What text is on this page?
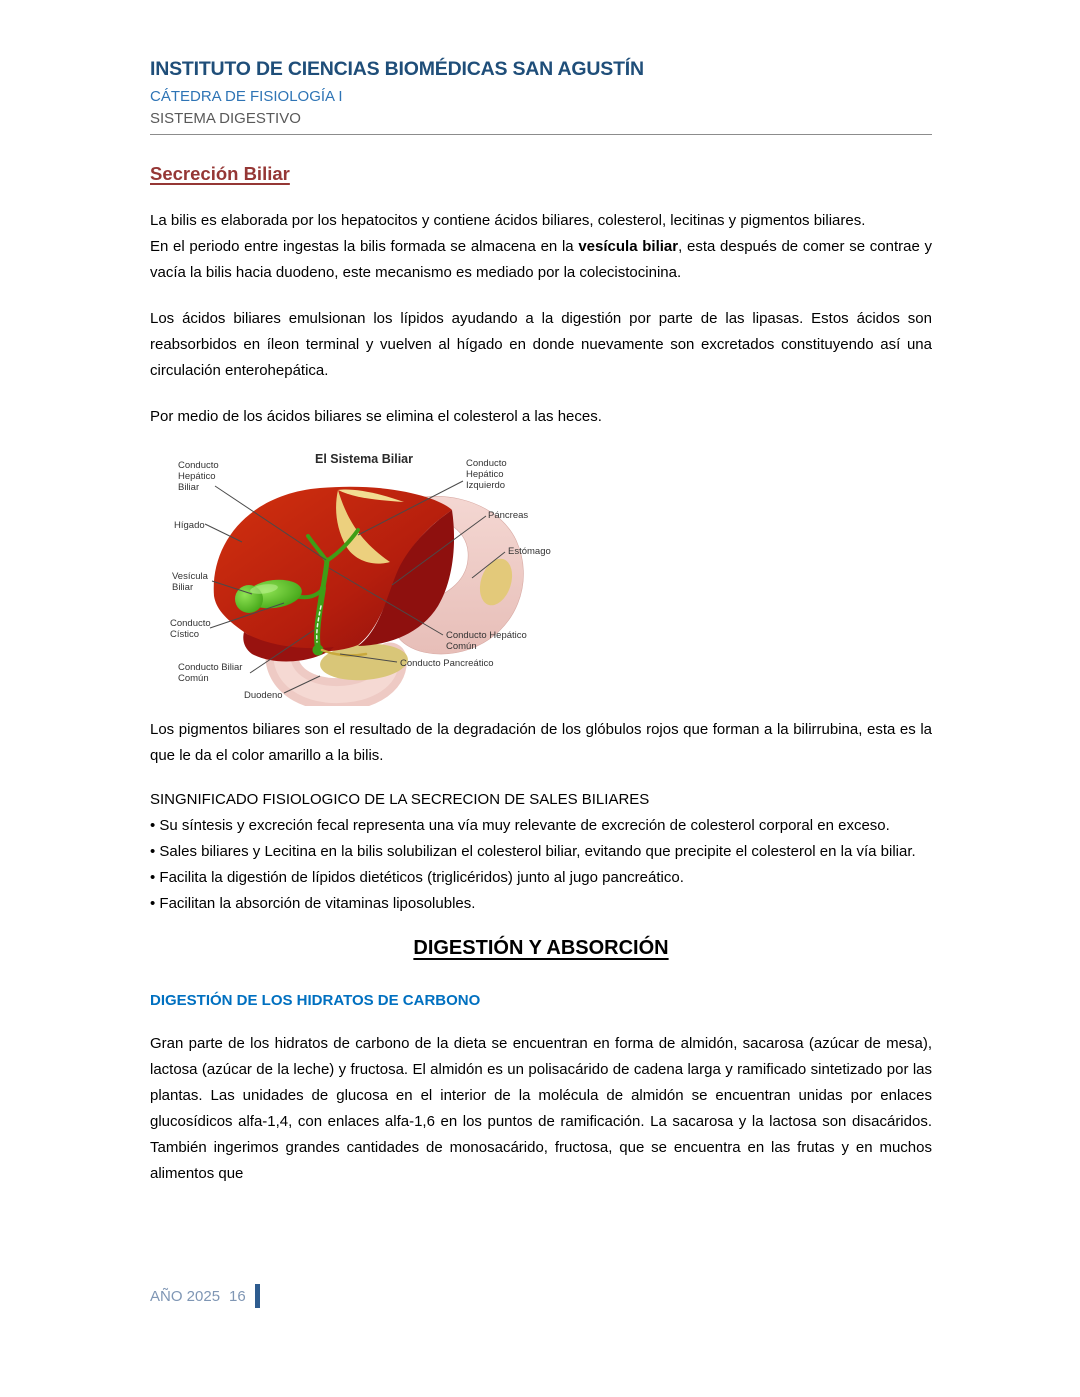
INSTITUTO DE CIENCIAS BIOMÉDICAS SAN AGUSTÍN
CÁTEDRA DE FISIOLOGÍA I
SISTEMA DIGESTIVO
Secreción Biliar

La bilis es elaborada por los hepatocitos y contiene ácidos biliares, colesterol, lecitinas y pigmentos biliares.

En el periodo entre ingestas la bilis formada se almacena en la vesícula biliar, esta después de comer se contrae y vacía la bilis hacia duodeno, este mecanismo es mediado por la colecistocinina.

Los ácidos biliares emulsionan los lípidos ayudando a la digestión por parte de las lipasas. Estos ácidos son reabsorbidos en íleon terminal y vuelven al hígado en donde nuevamente son excretados constituyendo así una circulación enterohepática.

Por medio de los ácidos biliares se elimina el colesterol a las heces.

El Sistema Biliar
Conducto
Hepático
Biliar
Hígado
Vesícula
Biliar
Conducto
Cístico
Conducto Biliar
Común
Duodeno
Conducto
Hepático
Izquierdo
Páncreas
Estómago
Conducto Hepático
Común
Conducto Pancreático

Los pigmentos biliares son el resultado de la degradación de los glóbulos rojos que forman a la bilirrubina, esta es la que le da el color amarillo a la bilis.

SINGNIFICADO FISIOLOGICO DE LA SECRECION DE SALES BILIARES

• Su síntesis y excreción fecal representa una vía muy relevante de excreción de colesterol corporal en exceso.

• Sales biliares y Lecitina en la bilis solubilizan el colesterol biliar, evitando que precipite el colesterol en la vía biliar.

• Facilita la digestión de lípidos dietéticos (triglicéridos) junto al jugo pancreático.

• Facilitan la absorción de vitaminas liposolubles.

DIGESTIÓN Y ABSORCIÓN
DIGESTIÓN DE LOS HIDRATOS DE CARBONO

Gran parte de los hidratos de carbono de la dieta se encuentran en forma de almidón, sacarosa (azúcar de mesa), lactosa (azúcar de la leche) y fructosa. El almidón es un polisacárido de cadena larga y ramificado sintetizado por las plantas. Las unidades de glucosa en el interior de la molécula de almidón se encuentran unidas por enlaces glucosídicos alfa-1,4, con enlaces alfa-1,6 en los puntos de ramificación. La sacarosa y la lactosa son disacáridos. También ingerimos grandes cantidades de monosacárido, fructosa, que se encuentra en las frutas y en muchos alimentos que

AÑO 2025 16
